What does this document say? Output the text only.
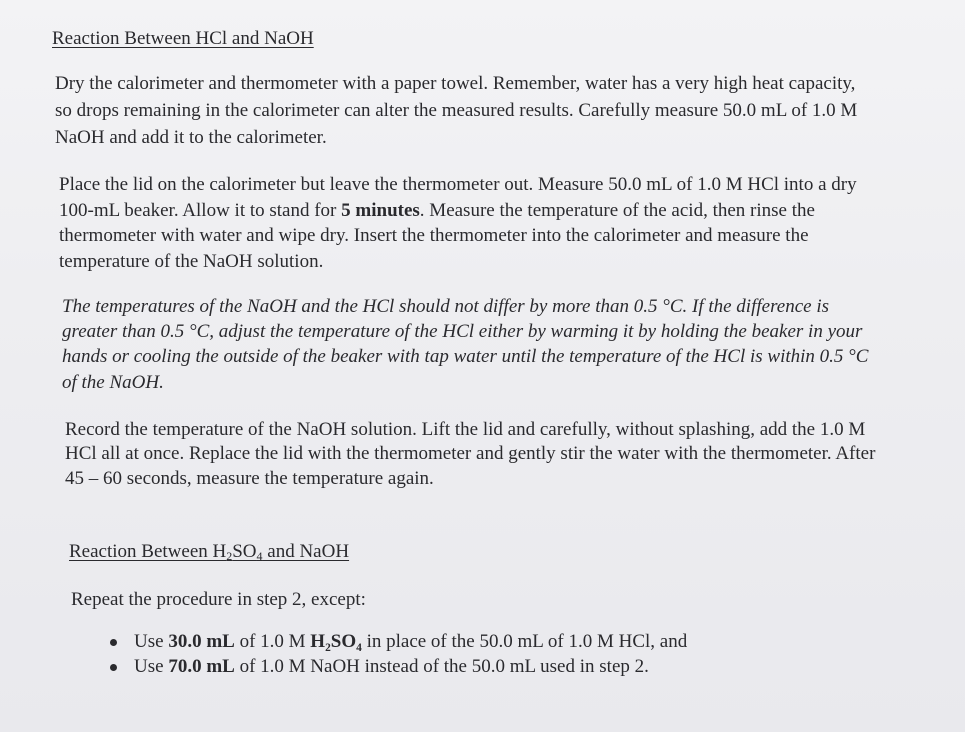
Reaction Between HCl and NaOH
Dry the calorimeter and thermometer with a paper towel. Remember, water has a very high heat capacity,
so drops remaining in the calorimeter can alter the measured results. Carefully measure 50.0 mL of 1.0 M
NaOH and add it to the calorimeter.
Place the lid on the calorimeter but leave the thermometer out. Measure 50.0 mL of 1.0 M HCl into a dry
100-mL beaker. Allow it to stand for 5 minutes. Measure the temperature of the acid, then rinse the
thermometer with water and wipe dry. Insert the thermometer into the calorimeter and measure the
temperature of the NaOH solution.
The temperatures of the NaOH and the HCl should not differ by more than 0.5 °C. If the difference is
greater than 0.5 °C, adjust the temperature of the HCl either by warming it by holding the beaker in your
hands or cooling the outside of the beaker with tap water until the temperature of the HCl is within 0.5 °C
of the NaOH.
Record the temperature of the NaOH solution. Lift the lid and carefully, without splashing, add the 1.0 M
HCl all at once. Replace the lid with the thermometer and gently stir the water with the thermometer. After
45 – 60 seconds, measure the temperature again.
Reaction Between $H_2SO_4$ and NaOH
Repeat the procedure in step 2, except:
Use 30.0 mL of 1.0 M H₂SO₄ in place of the 50.0 mL of 1.0 M HCl, and
Use 70.0 mL of 1.0 M NaOH instead of the 50.0 mL used in step 2.
